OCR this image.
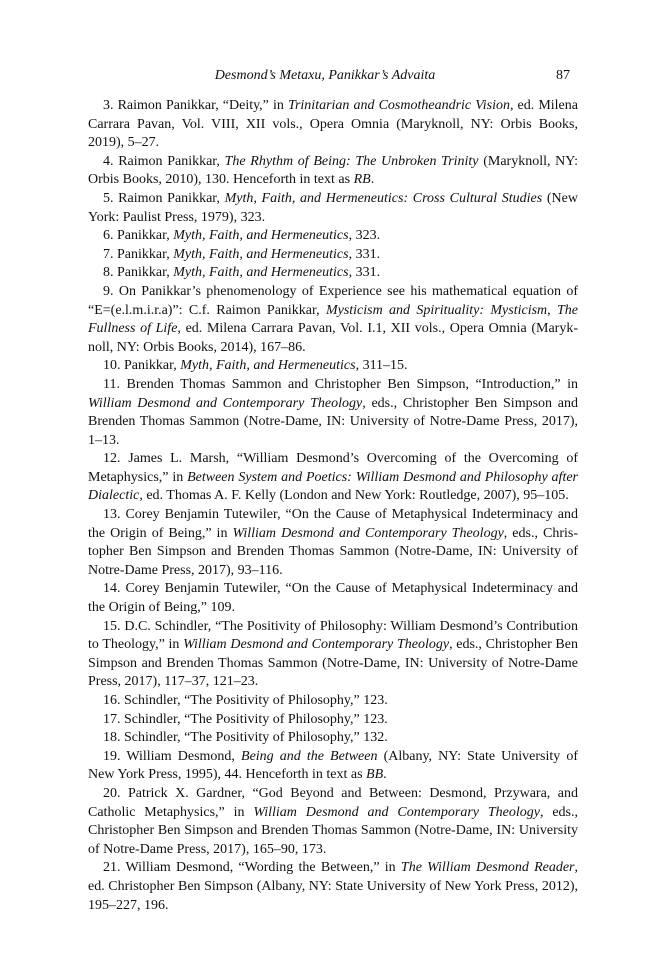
Desmond’s Metaxu, Panikkar’s Advaita	87

3. Raimon Panikkar, “Deity,” in Trinitarian and Cosmotheandric Vision, ed. Milena Carrara Pavan, Vol. VIII, XII vols., Opera Omnia (Maryknoll, NY: Orbis Books, 2019), 5–27.

4. Raimon Panikkar, The Rhythm of Being: The Unbroken Trinity (Maryknoll, NY: Orbis Books, 2010), 130. Henceforth in text as RB.

5. Raimon Panikkar, Myth, Faith, and Hermeneutics: Cross Cultural Studies (New York: Paulist Press, 1979), 323.

6. Panikkar, Myth, Faith, and Hermeneutics, 323.

7. Panikkar, Myth, Faith, and Hermeneutics, 331.

8. Panikkar, Myth, Faith, and Hermeneutics, 331.

9. On Panikkar’s phenomenology of Experience see his mathematical equation of “E=(e.l.m.i.r.a)”: C.f. Raimon Panikkar, Mysticism and Spirituality: Mysticism, The Fullness of Life, ed. Milena Carrara Pavan, Vol. I.1, XII vols., Opera Omnia (Maryknoll, NY: Orbis Books, 2014), 167–86.

10. Panikkar, Myth, Faith, and Hermeneutics, 311–15.

11. Brenden Thomas Sammon and Christopher Ben Simpson, “Introduction,” in William Desmond and Contemporary Theology, eds., Christopher Ben Simpson and Brenden Thomas Sammon (Notre-Dame, IN: University of Notre-Dame Press, 2017), 1–13.

12. James L. Marsh, “William Desmond’s Overcoming of the Overcoming of Metaphysics,” in Between System and Poetics: William Desmond and Philosophy after Dialectic, ed. Thomas A. F. Kelly (London and New York: Routledge, 2007), 95–105.

13. Corey Benjamin Tutewiler, “On the Cause of Metaphysical Indeterminacy and the Origin of Being,” in William Desmond and Contemporary Theology, eds., Christopher Ben Simpson and Brenden Thomas Sammon (Notre-Dame, IN: University of Notre-Dame Press, 2017), 93–116.

14. Corey Benjamin Tutewiler, “On the Cause of Metaphysical Indeterminacy and the Origin of Being,” 109.

15. D.C. Schindler, “The Positivity of Philosophy: William Desmond’s Contribution to Theology,” in William Desmond and Contemporary Theology, eds., Christopher Ben Simpson and Brenden Thomas Sammon (Notre-Dame, IN: University of Notre-Dame Press, 2017), 117–37, 121–23.

16. Schindler, “The Positivity of Philosophy,” 123.

17. Schindler, “The Positivity of Philosophy,” 123.

18. Schindler, “The Positivity of Philosophy,” 132.

19. William Desmond, Being and the Between (Albany, NY: State University of New York Press, 1995), 44. Henceforth in text as BB.

20. Patrick X. Gardner, “God Beyond and Between: Desmond, Przywara, and Catholic Metaphysics,” in William Desmond and Contemporary Theology, eds., Christopher Ben Simpson and Brenden Thomas Sammon (Notre-Dame, IN: University of Notre-Dame Press, 2017), 165–90, 173.

21. William Desmond, “Wording the Between,” in The William Desmond Reader, ed. Christopher Ben Simpson (Albany, NY: State University of New York Press, 2012), 195–227, 196.
